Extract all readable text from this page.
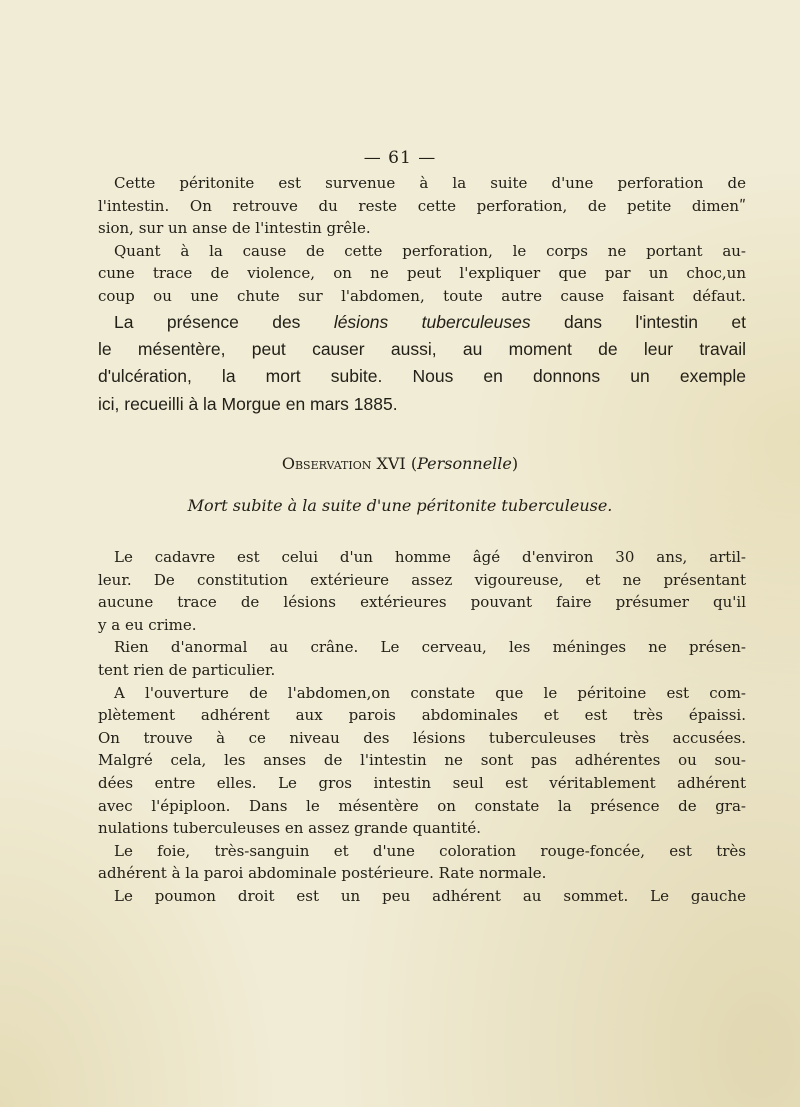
— 61 —
Cette péritonite est survenue à la suite d'une perforation de
l'intestin. On retrouve du reste cette perforation, de petite dimenʺ
sion, sur un anse de l'intestin grêle.
Quant à la cause de cette perforation, le corps ne portant au-
cune trace de violence, on ne peut l'expliquer que par un choc,un
coup ou une chute sur l'abdomen, toute autre cause faisant défaut.
La présence des lésions tuberculeuses dans l'intestin et
le mésentère, peut causer aussi, au moment de leur travail
d'ulcération, la mort subite. Nous en donnons un exemple
ici, recueilli à la Morgue en mars 1885.
Observation XVI (Personnelle)
Mort subite à la suite d'une péritonite tuberculeuse.
Le cadavre est celui d'un homme âgé d'environ 30 ans, artil-
leur. De constitution extérieure assez vigoureuse, et ne présentant
aucune trace de lésions extérieures pouvant faire présumer qu'il
y a eu crime.
Rien d'anormal au crâne. Le cerveau, les méninges ne présen-
tent rien de particulier.
A l'ouverture de l'abdomen,on constate que le péritoine est com-
plètement adhérent aux parois abdominales et est très épaissi.
On trouve à ce niveau des lésions tuberculeuses très accusées.
Malgré cela, les anses de l'intestin ne sont pas adhérentes ou sou-
dées entre elles. Le gros intestin seul est véritablement adhérent
avec l'épiploon. Dans le mésentère on constate la présence de gra-
nulations tuberculeuses en assez grande quantité.
Le foie, très-sanguin et d'une coloration rouge-foncée, est très
adhérent à la paroi abdominale postérieure. Rate normale.
Le poumon droit est un peu adhérent au sommet. Le gauche
